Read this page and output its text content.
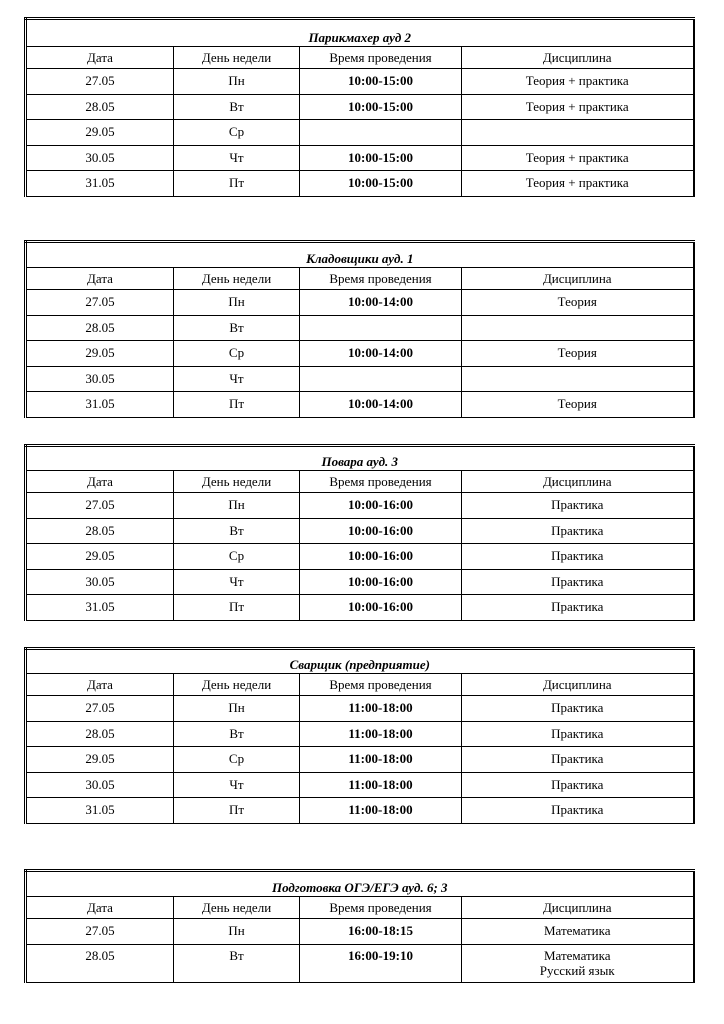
Парикмахер ауд 2			
Дата	День недели	Время проведения	Дисциплина
27.05	Пн	10:00-15:00	Теория + практика
28.05	Вт	10:00-15:00	Теория + практика
29.05	Ср		
30.05	Чт	10:00-15:00	Теория + практика
31.05	Пт	10:00-15:00	Теория + практика
Кладовщики ауд. 1			
Дата	День недели	Время проведения	Дисциплина
27.05	Пн	10:00-14:00	Теория
28.05	Вт		
29.05	Ср	10:00-14:00	Теория
30.05	Чт		
31.05	Пт	10:00-14:00	Теория
Повара ауд. 3			
Дата	День недели	Время проведения	Дисциплина
27.05	Пн	10:00-16:00	Практика
28.05	Вт	10:00-16:00	Практика
29.05	Ср	10:00-16:00	Практика
30.05	Чт	10:00-16:00	Практика
31.05	Пт	10:00-16:00	Практика
Сварщик (предприятие)			
Дата	День недели	Время проведения	Дисциплина
27.05	Пн	11:00-18:00	Практика
28.05	Вт	11:00-18:00	Практика
29.05	Ср	11:00-18:00	Практика
30.05	Чт	11:00-18:00	Практика
31.05	Пт	11:00-18:00	Практика
Подготовка ОГЭ/ЕГЭ ауд. 6; 3			
Дата	День недели	Время проведения	Дисциплина
27.05	Пн	16:00-18:15	Математика
28.05	Вт	16:00-19:10	Математика
Русский язык
